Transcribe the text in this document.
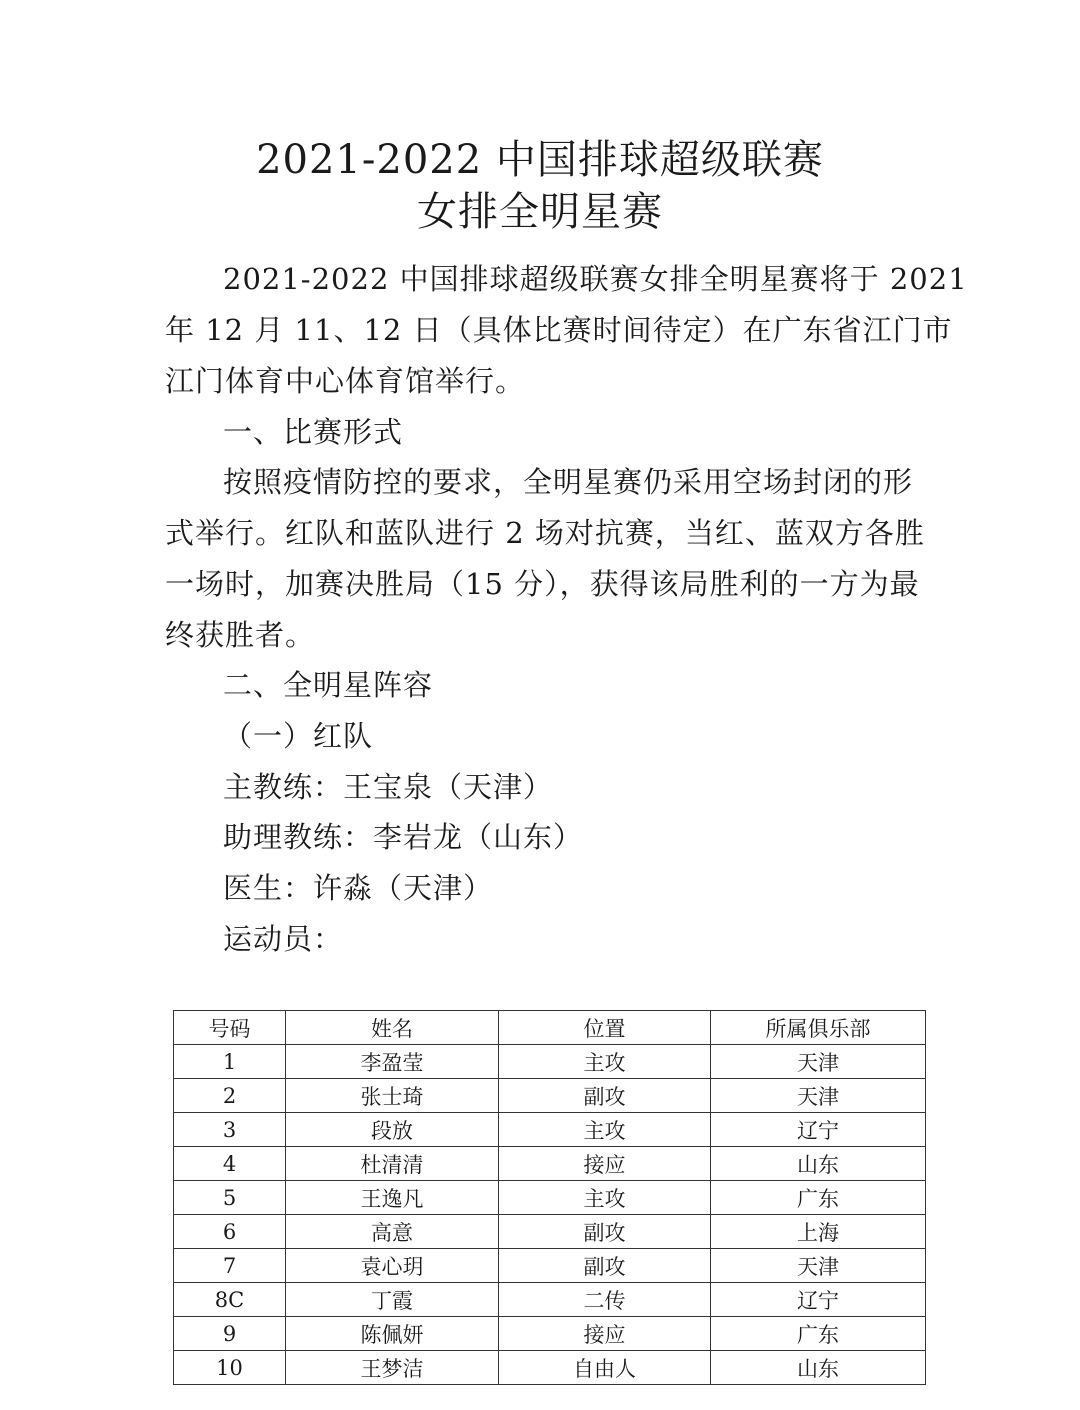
2021-2022 中国排球超级联赛
女排全明星赛
2021-2022 中国排球超级联赛女排全明星赛将于 2021
年 12 月 11、12 日（具体比赛时间待定）在广东省江门市
江门体育中心体育馆举行。
一、比赛形式
按照疫情防控的要求，全明星赛仍采用空场封闭的形
式举行。红队和蓝队进行 2 场对抗赛，当红、蓝双方各胜
一场时，加赛决胜局（15 分），获得该局胜利的一方为最
终获胜者。
二、全明星阵容
（一）红队
主教练：王宝泉（天津）
助理教练：李岩龙（山东）
医生：许淼（天津）
运动员：
号码	姓名	位置	所属俱乐部
1	李盈莹	主攻	天津
2	张士琦	副攻	天津
3	段放	主攻	辽宁
4	杜清清	接应	山东
5	王逸凡	主攻	广东
6	高意	副攻	上海
7	袁心玥	副攻	天津
8C	丁霞	二传	辽宁
9	陈佩妍	接应	广东
10	王梦洁	自由人	山东
